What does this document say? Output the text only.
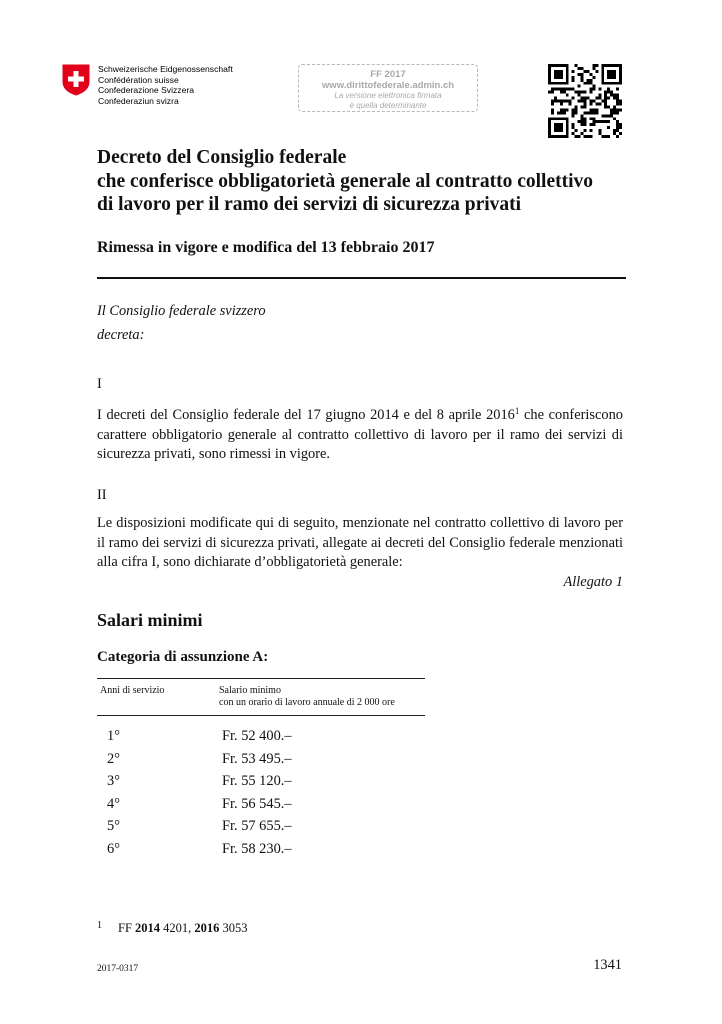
Schweizerische Eidgenossenschaft
Confédération suisse
Confederazione Svizzera
Confederaziun svizra
FF 2017
www.dirittofederale.admin.ch
La versione elettronica firmata
è quella determinante
Decreto del Consiglio federale
che conferisce obbligatorietà generale al contratto collettivo
di lavoro per il ramo dei servizi di sicurezza privati
Rimessa in vigore e modifica del 13 febbraio 2017
Il Consiglio federale svizzero
decreta:
I
I decreti del Consiglio federale del 17 giugno 2014 e del 8 aprile 2016$^1$ che conferiscono carattere obbligatorio generale al contratto collettivo di lavoro per il ramo dei servizi di sicurezza privati, sono rimessi in vigore.
II
Le disposizioni modificate qui di seguito, menzionate nel contratto collettivo di lavoro per il ramo dei servizi di sicurezza privati, allegate ai decreti del Consiglio federale menzionati alla cifra I, sono dichiarate d’obbligatorietà generale:
Allegato 1
Salari minimi
Categoria di assunzione A:
Anni di servizio	Salario minimo
con un orario di lavoro annuale di 2 000 ore
1°	Fr. 52 400.–
2°	Fr. 53 495.–
3°	Fr. 55 120.–
4°	Fr. 56 545.–
5°	Fr. 57 655.–
6°	Fr. 58 230.–
$^1$ FF 2014 4201, 2016 3053
2017-0317	1341
